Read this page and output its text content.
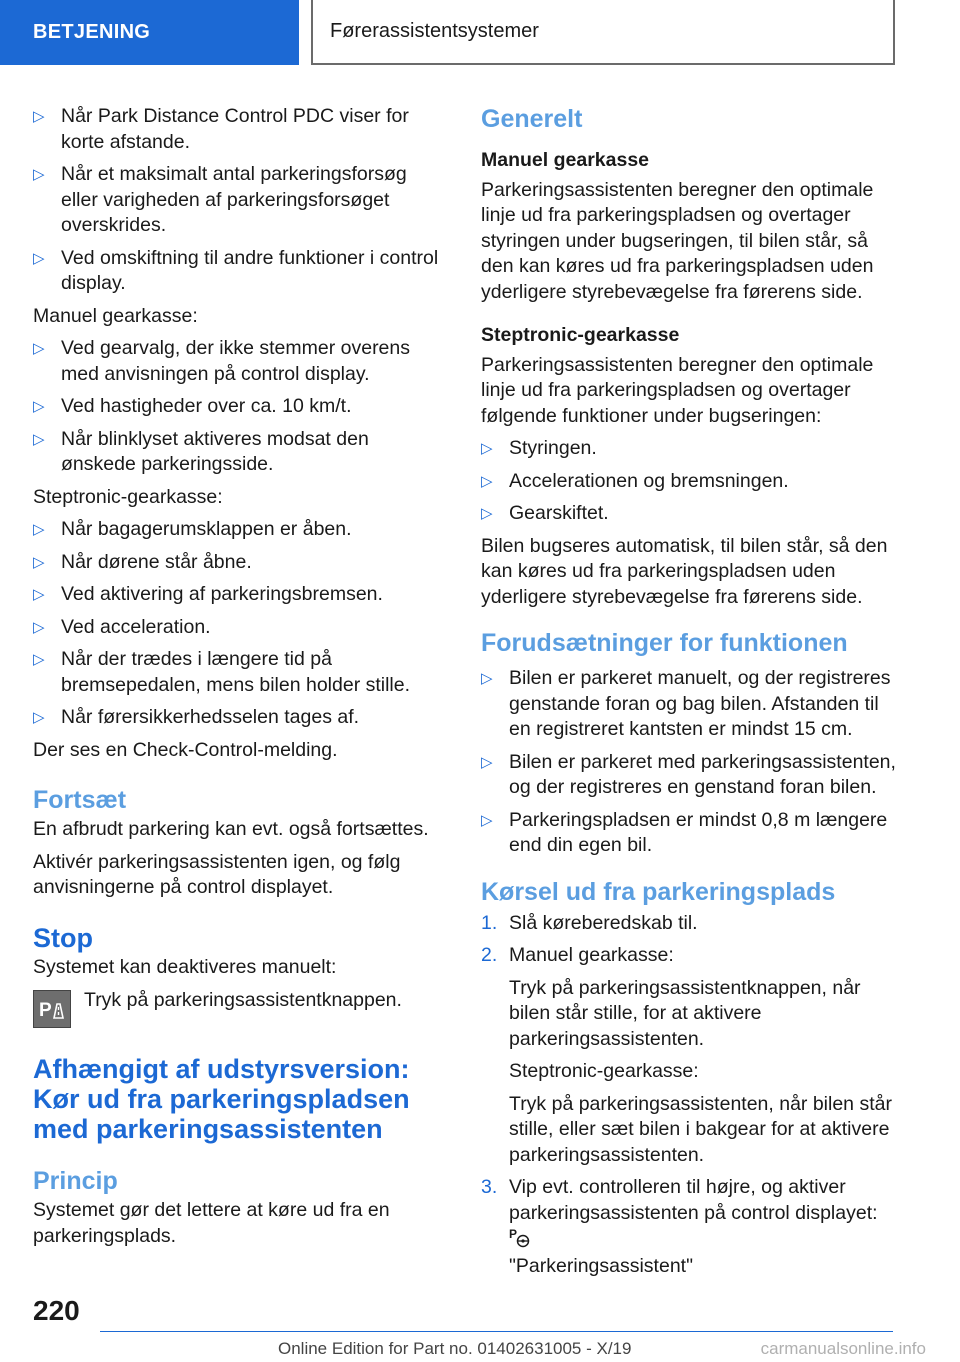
BETJENING	Førerassistentsystemer
▷ Når Park Distance Control PDC viser for korte afstande.
▷ Når et maksimalt antal parkeringsforsøg eller varigheden af parkeringsforsøget overskrides.
▷ Ved omskiftning til andre funktioner i control display.

Manuel gearkasse:

▷ Ved gearvalg, der ikke stemmer overens med anvisningen på control display.
▷ Ved hastigheder over ca. 10 km/t.
▷ Når blinklyset aktiveres modsat den ønskede parkeringsside.

Steptronic-gearkasse:

▷ Når bagagerumsklappen er åben.
▷ Når dørene står åbne.
▷ Ved aktivering af parkeringsbremsen.
▷ Ved acceleration.
▷ Når der trædes i længere tid på bremsepedalen, mens bilen holder stille.
▷ Når førersikkerhedsselen tages af.

Der ses en Check-Control-melding.

Fortsæt

En afbrudt parkering kan evt. også fortsættes.

Aktivér parkeringsassistenten igen, og følg anvisningerne på control displayet.

Stop

Systemet kan deaktiveres manuelt:

P Tryk på parkeringsassistentknappen.
Afhængigt af udstyrsversion: Kør ud fra parkeringspladsen med parkeringsassistenten
Princip

Systemet gør det lettere at køre ud fra en parkeringsplads.

Generelt
Manuel gearkasse

Parkeringsassistenten beregner den optimale linje ud fra parkeringspladsen og overtager styringen under bugseringen, til bilen står, så den kan køres ud fra parkeringspladsen uden yderligere styrebevægelse fra førerens side.

Steptronic-gearkasse

Parkeringsassistenten beregner den optimale linje ud fra parkeringspladsen og overtager følgende funktioner under bugseringen:

▷ Styringen.
▷ Accelerationen og bremsningen.
▷ Gearskiftet.

Bilen bugseres automatisk, til bilen står, så den kan køres ud fra parkeringspladsen uden yderligere styrebevægelse fra førerens side.

Forudsætninger for funktionen
▷ Bilen er parkeret manuelt, og der registreres genstande foran og bag bilen. Afstanden til en registreret kantsten er mindst 15 cm.
▷ Bilen er parkeret med parkeringsassistenten, og der registreres en genstand foran bilen.
▷ Parkeringspladsen er mindst 0,8 m længere end din egen bil.
Kørsel ud fra parkeringsplads
1. Slå køreberedskab til.
2. Manuel gearkasse:
Tryk på parkeringsassistentknappen, når bilen står stille, for at aktivere parkeringsassistenten.
Steptronic-gearkasse:
Tryk på parkeringsassistenten, når bilen står stille, eller sæt bilen i bakgear for at aktivere parkeringsassistenten.
3. Vip evt. controlleren til højre, og aktiver parkeringsassistenten på control displayet:
P
"Parkeringsassistent"
220
Online Edition for Part no. 01402631005 - X/19	carmanualsonline.info
